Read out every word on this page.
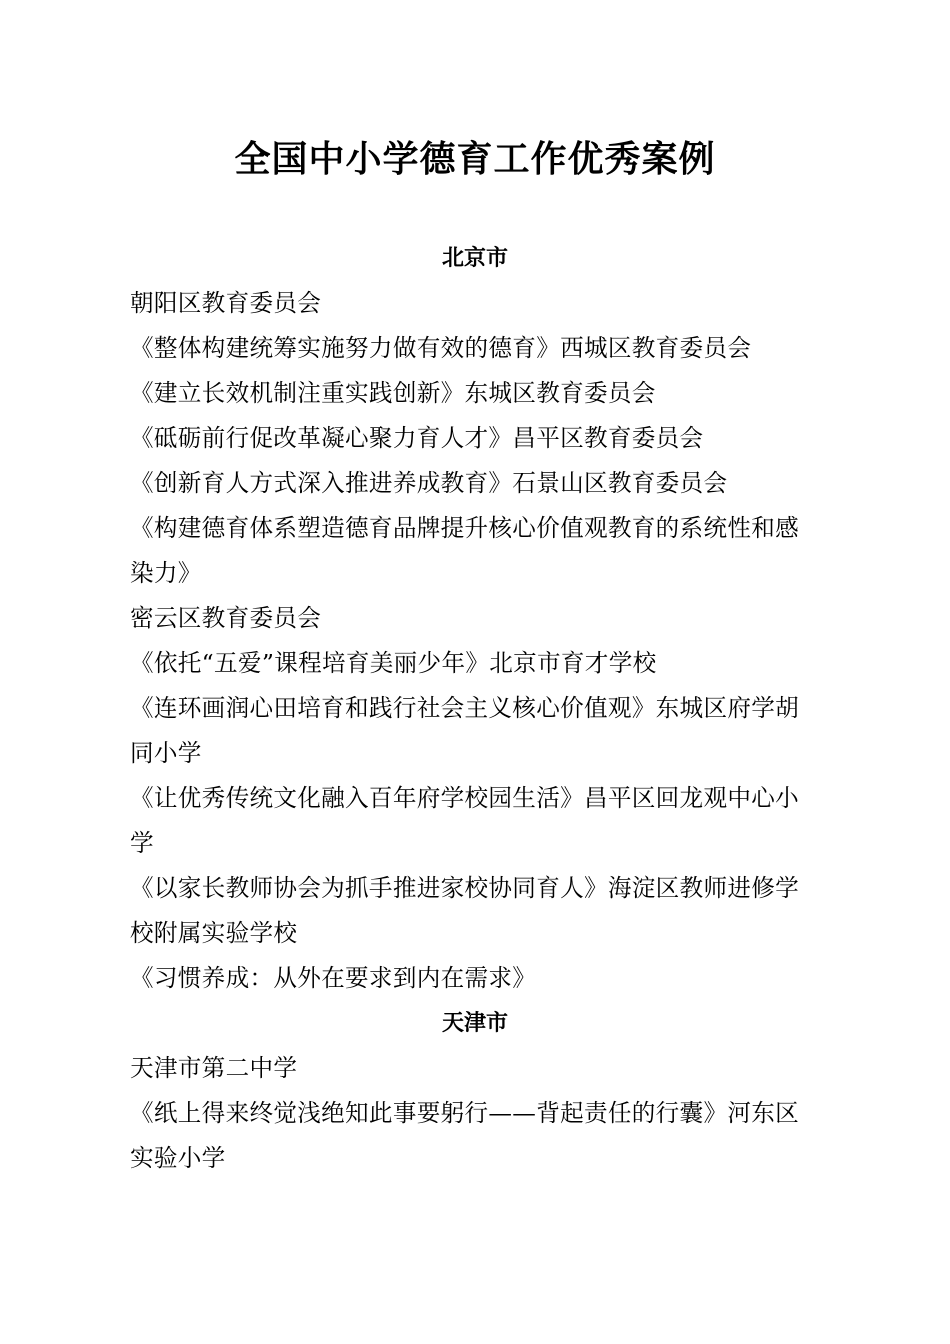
全国中小学德育工作优秀案例
北京市

朝阳区教育委员会

《整体构建统筹实施努力做有效的德育》西城区教育委员会

《建立长效机制注重实践创新》东城区教育委员会

《砥砺前行促改革凝心聚力育人才》昌平区教育委员会

《创新育人方式深入推进养成教育》石景山区教育委员会

《构建德育体系塑造德育品牌提升核心价值观教育的系统性和感
染力》

密云区教育委员会

《依托“五爱”课程培育美丽少年》北京市育才学校

《连环画润心田培育和践行社会主义核心价值观》东城区府学胡
同小学

《让优秀传统文化融入百年府学校园生活》昌平区回龙观中心小
学

《以家长教师协会为抓手推进家校协同育人》海淀区教师进修学
校附属实验学校

《习惯养成：从外在要求到内在需求》

天津市

天津市第二中学

《纸上得来终觉浅绝知此事要躬行——背起责任的行囊》河东区
实验小学
